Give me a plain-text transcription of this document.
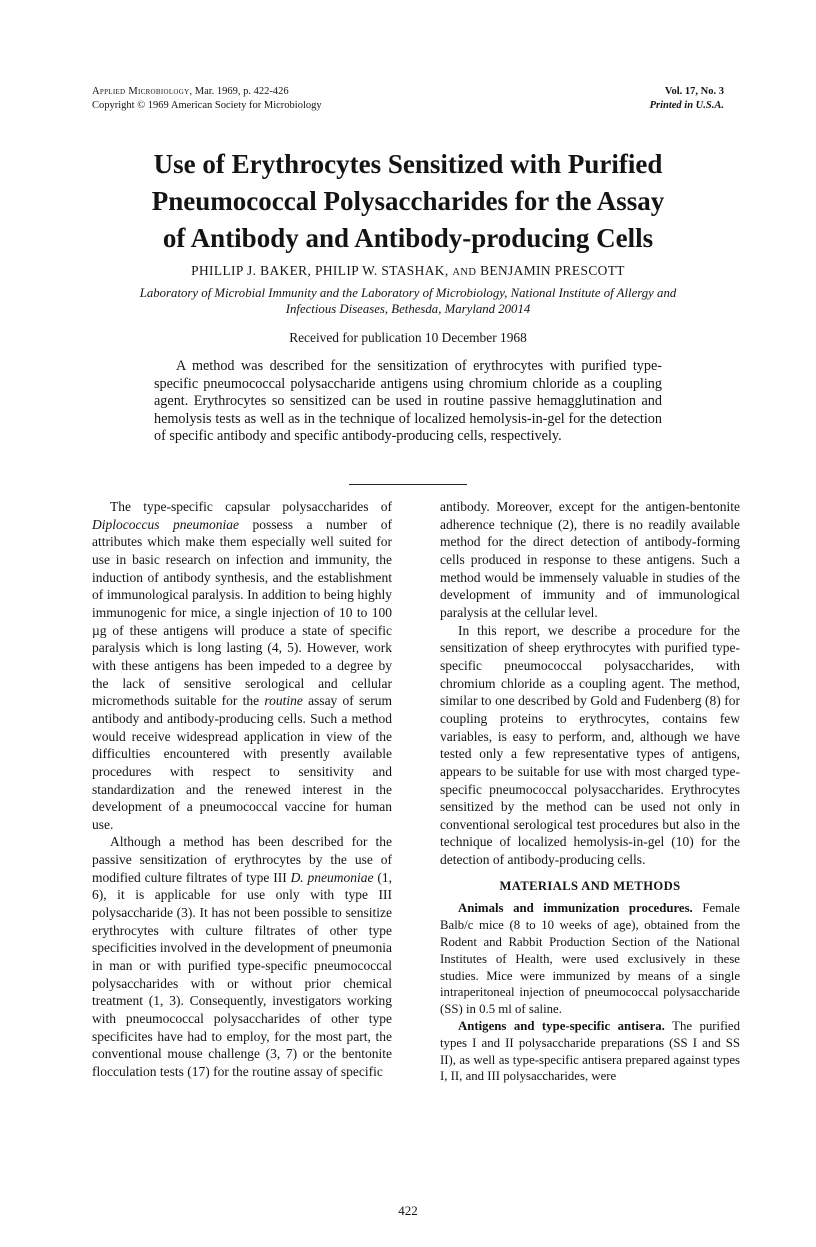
Applied Microbiology, Mar. 1969, p. 422-426
Copyright © 1969 American Society for Microbiology
Vol. 17, No. 3
Printed in U.S.A.
Use of Erythrocytes Sensitized with Purified
Pneumococcal Polysaccharides for the Assay
of Antibody and Antibody-producing Cells
PHILLIP J. BAKER, PHILIP W. STASHAK, AND BENJAMIN PRESCOTT
Laboratory of Microbial Immunity and the Laboratory of Microbiology, National Institute of Allergy and
Infectious Diseases, Bethesda, Maryland 20014
Received for publication 10 December 1968

A method was described for the sensitization of erythrocytes with purified type-specific pneumococcal polysaccharide antigens using chromium chloride as a coupling agent. Erythrocytes so sensitized can be used in routine passive hemagglutination and hemolysis tests as well as in the technique of localized hemolysis-in-gel for the detection of specific antibody and specific antibody-producing cells, respectively.

The type-specific capsular polysaccharides of Diplococcus pneumoniae possess a number of attributes which make them especially well suited for use in basic research on infection and immunity, the induction of antibody synthesis, and the establishment of immunological paralysis. In addition to being highly immunogenic for mice, a single injection of 10 to 100 µg of these antigens will produce a state of specific paralysis which is long lasting (4, 5). However, work with these antigens has been impeded to a degree by the lack of sensitive serological and cellular micromethods suitable for the routine assay of serum antibody and antibody-producing cells. Such a method would receive widespread application in view of the difficulties encountered with presently available procedures with respect to sensitivity and standardization and the renewed interest in the development of a pneumococcal vaccine for human use.

Although a method has been described for the passive sensitization of erythrocytes by the use of modified culture filtrates of type III D. pneumoniae (1, 6), it is applicable for use only with type III polysaccharide (3). It has not been possible to sensitize erythrocytes with culture filtrates of other type specificities involved in the development of pneumonia in man or with purified type-specific pneumococcal polysaccharides with or without prior chemical treatment (1, 3). Consequently, investigators working with pneumococcal polysaccharides of other type specificites have had to employ, for the most part, the conventional mouse challenge (3, 7) or the bentonite flocculation tests (17) for the routine assay of specific

antibody. Moreover, except for the antigen-bentonite adherence technique (2), there is no readily available method for the direct detection of antibody-forming cells produced in response to these antigens. Such a method would be immensely valuable in studies of the development of immunity and of immunological paralysis at the cellular level.

In this report, we describe a procedure for the sensitization of sheep erythrocytes with purified type-specific pneumococcal polysaccharides, with chromium chloride as a coupling agent. The method, similar to one described by Gold and Fudenberg (8) for coupling proteins to erythrocytes, contains few variables, is easy to perform, and, although we have tested only a few representative types of antigens, appears to be suitable for use with most charged type-specific pneumococcal polysaccharides. Erythrocytes sensitized by the method can be used not only in conventional serological test procedures but also in the technique of localized hemolysis-in-gel (10) for the detection of antibody-producing cells.

MATERIALS AND METHODS

Animals and immunization procedures. Female Balb/c mice (8 to 10 weeks of age), obtained from the Rodent and Rabbit Production Section of the National Institutes of Health, were used exclusively in these studies. Mice were immunized by means of a single intraperitoneal injection of pneumococcal polysaccharide (SS) in 0.5 ml of saline.

Antigens and type-specific antisera. The purified types I and II polysaccharide preparations (SS I and SS II), as well as type-specific antisera prepared against types I, II, and III polysaccharides, were

422
